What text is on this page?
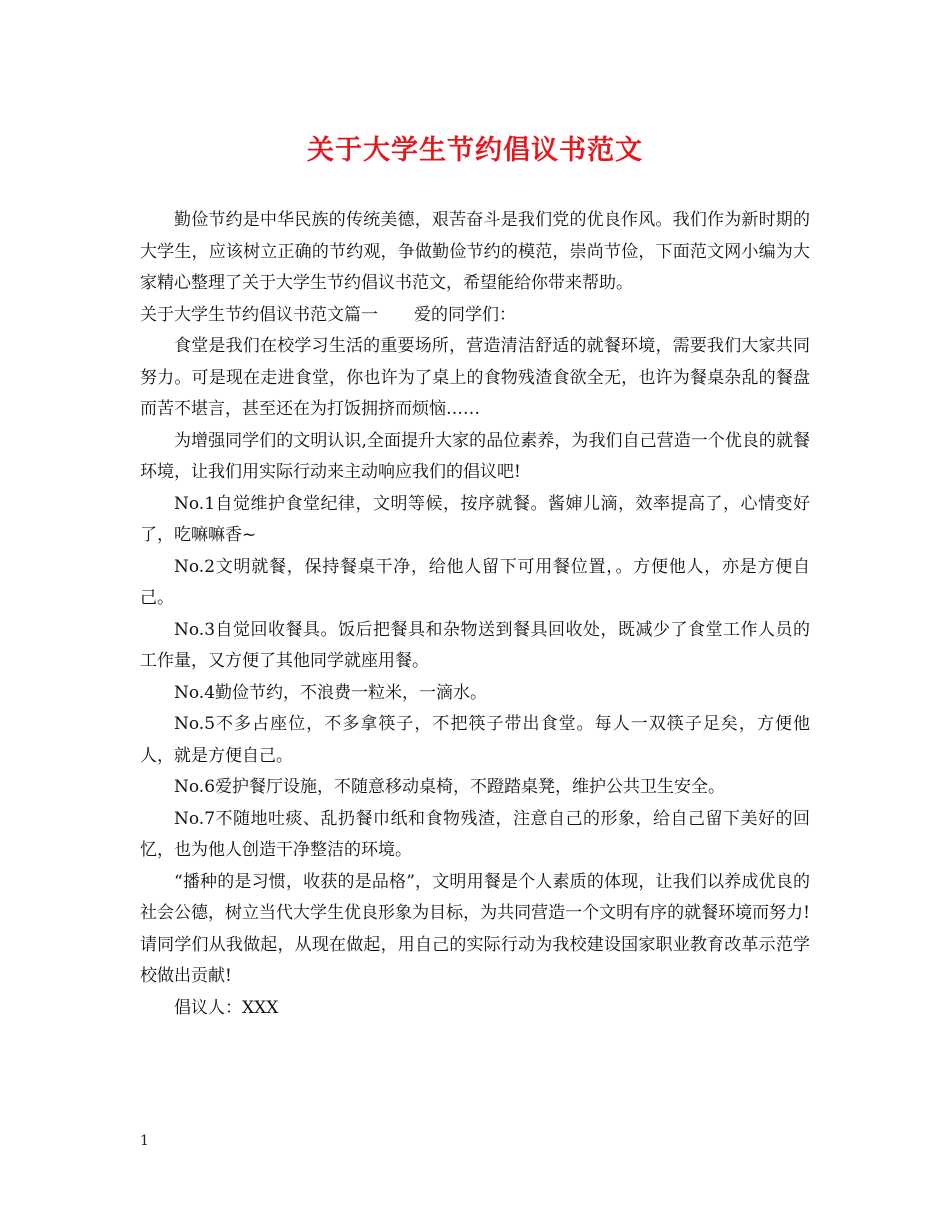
关于大学生节约倡议书范文

勤俭节约是中华民族的传统美德，艰苦奋斗是我们党的优良作风。我们作为新时期的大学生，应该树立正确的节约观，争做勤俭节约的模范，崇尚节俭，下面范文网小编为大家精心整理了关于大学生节约倡议书范文，希望能给你带来帮助。

关于大学生节约倡议书范文篇一 爱的同学们：

食堂是我们在校学习生活的重要场所，营造清洁舒适的就餐环境，需要我们大家共同努力。可是现在走进食堂，你也许为了桌上的食物残渣食欲全无，也许为餐桌杂乱的餐盘而苦不堪言，甚至还在为打饭拥挤而烦恼……

为增强同学们的文明认识,全面提升大家的品位素养，为我们自己营造一个优良的就餐环境，让我们用实际行动来主动响应我们的倡议吧!

No.1自觉维护食堂纪律，文明等候，按序就餐。酱婶儿滴，效率提高了，心情变好了，吃嘛嘛香~

No.2文明就餐，保持餐桌干净，给他人留下可用餐位置，。方便他人，亦是方便自己。

No.3自觉回收餐具。饭后把餐具和杂物送到餐具回收处，既减少了食堂工作人员的工作量，又方便了其他同学就座用餐。

No.4勤俭节约，不浪费一粒米，一滴水。

No.5不多占座位，不多拿筷子，不把筷子带出食堂。每人一双筷子足矣，方便他人，就是方便自己。

No.6爱护餐厅设施，不随意移动桌椅，不蹬踏桌凳，维护公共卫生安全。

No.7不随地吐痰、乱扔餐巾纸和食物残渣，注意自己的形象，给自己留下美好的回忆，也为他人创造干净整洁的环境。

“播种的是习惯，收获的是品格”，文明用餐是个人素质的体现，让我们以养成优良的社会公德，树立当代大学生优良形象为目标，为共同营造一个文明有序的就餐环境而努力!请同学们从我做起，从现在做起，用自己的实际行动为我校建设国家职业教育改革示范学校做出贡献!

倡议人：XXX

1
